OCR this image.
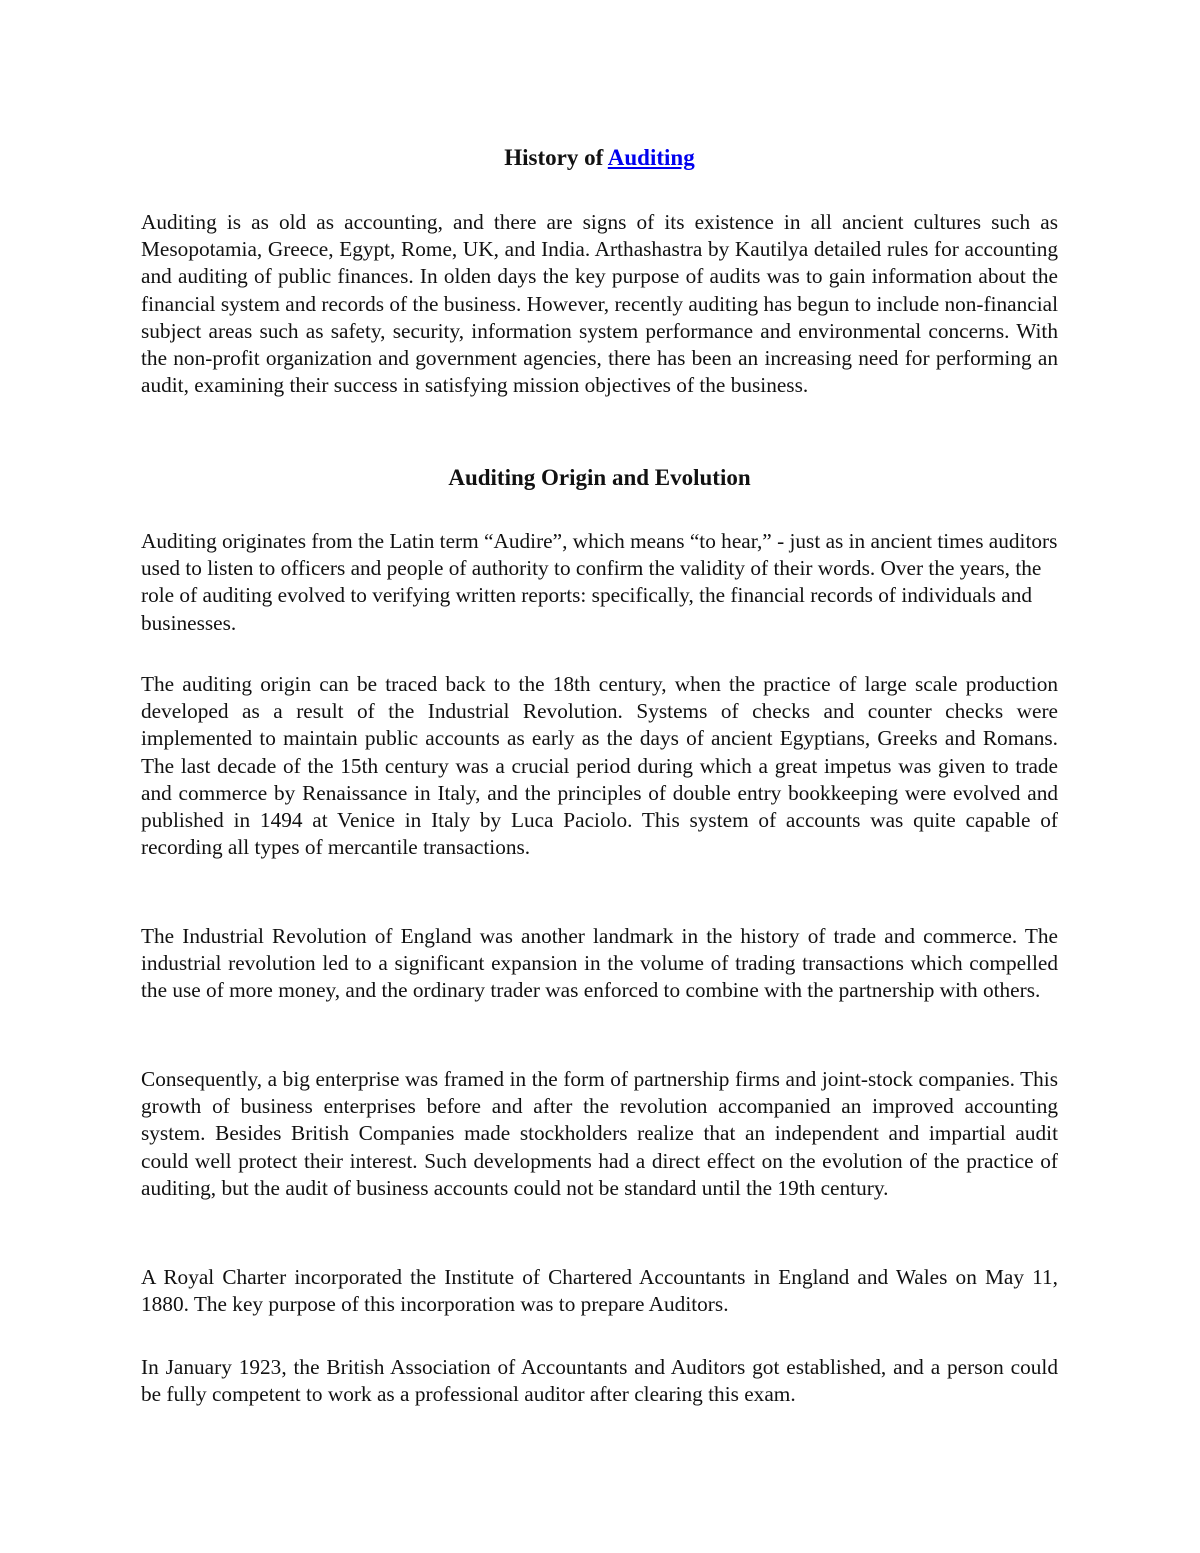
History of Auditing

Auditing is as old as accounting, and there are signs of its existence in all ancient cultures such as Mesopotamia, Greece, Egypt, Rome, UK, and India. Arthashastra by Kautilya detailed rules for accounting and auditing of public finances. In olden days the key purpose of audits was to gain information about the financial system and records of the business. However, recently auditing has begun to include non-financial subject areas such as safety, security, information system performance and environmental concerns. With the non-profit organization and government agencies, there has been an increasing need for performing an audit, examining their success in satisfying mission objectives of the business.

Auditing Origin and Evolution

Auditing originates from the Latin term “Audire”, which means “to hear,” - just as in ancient times auditors used to listen to officers and people of authority to confirm the validity of their words. Over the years, the role of auditing evolved to verifying written reports: specifically, the financial records of individuals and businesses.

The auditing origin can be traced back to the 18th century, when the practice of large scale production developed as a result of the Industrial Revolution. Systems of checks and counter checks were implemented to maintain public accounts as early as the days of ancient Egyptians, Greeks and Romans. The last decade of the 15th century was a crucial period during which a great impetus was given to trade and commerce by Renaissance in Italy, and the principles of double entry bookkeeping were evolved and published in 1494 at Venice in Italy by Luca Paciolo. This system of accounts was quite capable of recording all types of mercantile transactions.

The Industrial Revolution of England was another landmark in the history of trade and commerce. The industrial revolution led to a significant expansion in the volume of trading transactions which compelled the use of more money, and the ordinary trader was enforced to combine with the partnership with others.

Consequently, a big enterprise was framed in the form of partnership firms and joint-stock companies. This growth of business enterprises before and after the revolution accompanied an improved accounting system. Besides British Companies made stockholders realize that an independent and impartial audit could well protect their interest. Such developments had a direct effect on the evolution of the practice of auditing, but the audit of business accounts could not be standard until the 19th century.

A Royal Charter incorporated the Institute of Chartered Accountants in England and Wales on May 11, 1880. The key purpose of this incorporation was to prepare Auditors.

In January 1923, the British Association of Accountants and Auditors got established, and a person could be fully competent to work as a professional auditor after clearing this exam.
